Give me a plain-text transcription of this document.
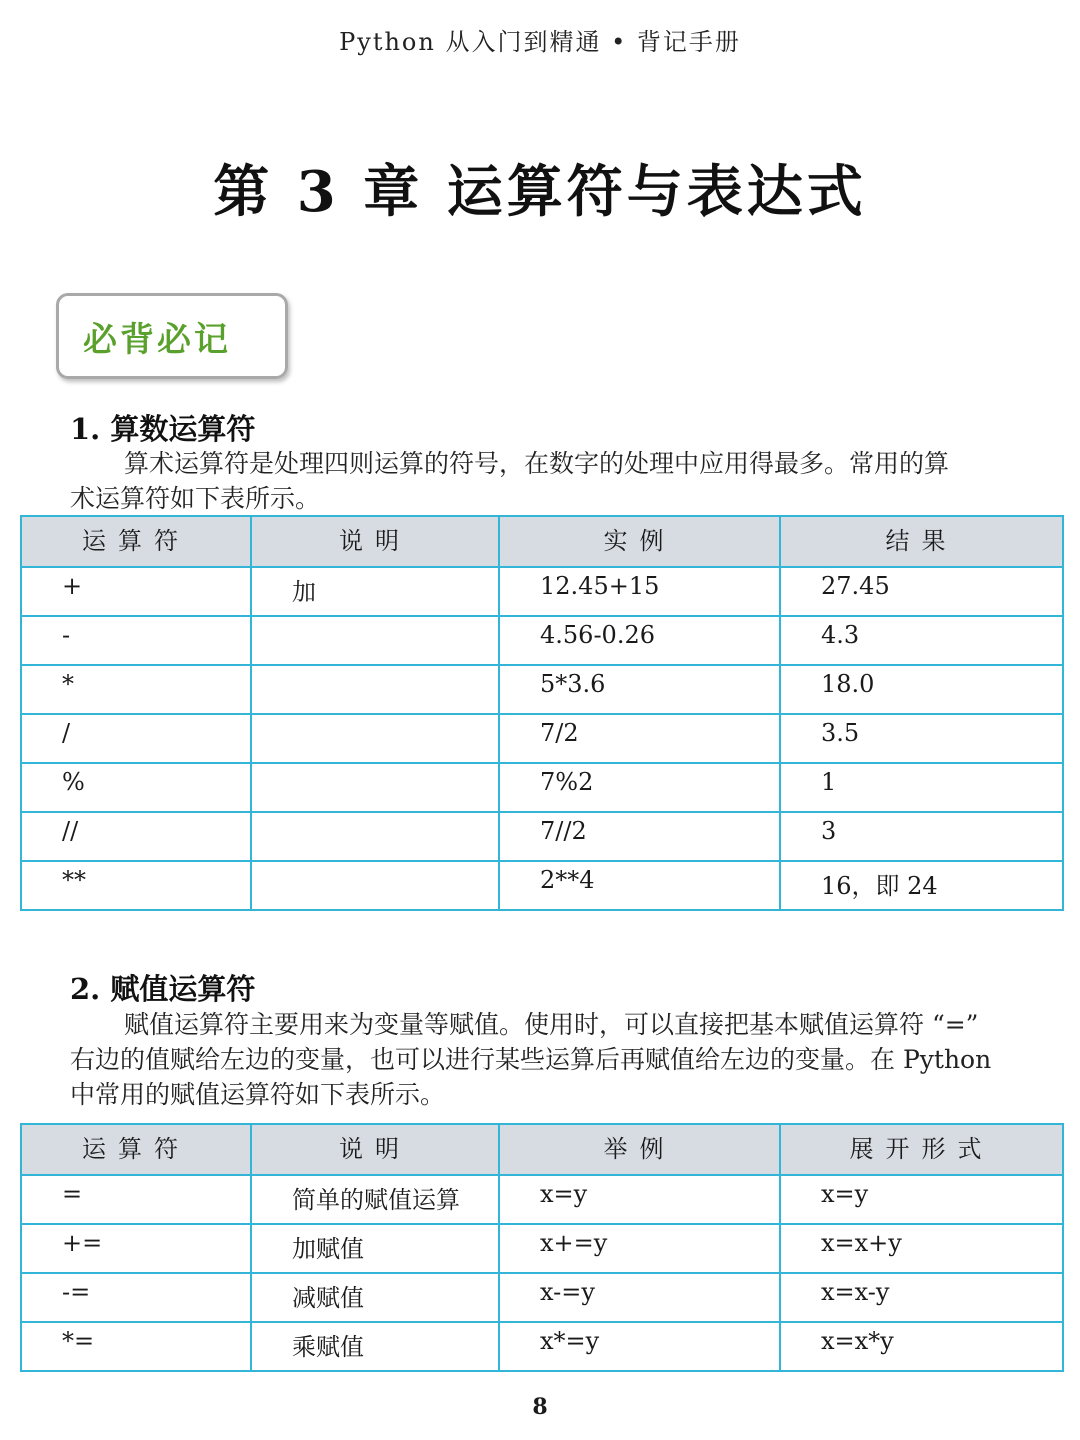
Python 从入门到精通 • 背记手册
第 3 章 运算符与表达式
必背必记
1. 算数运算符
算术运算符是处理四则运算的符号，在数字的处理中应用得最多。常用的算
术运算符如下表所示。
运算符	说明	实例	结果
+	加	12.45+15	27.45
-		4.56-0.26	4.3
*		5*3.6	18.0
/		7/2	3.5
%		7%2	1
//		7//2	3
**		2**4	16，即 24
2. 赋值运算符
赋值运算符主要用来为变量等赋值。使用时，可以直接把基本赋值运算符 “=”
右边的值赋给左边的变量，也可以进行某些运算后再赋值给左边的变量。在 Python
中常用的赋值运算符如下表所示。
运算符	说明	举例	展开形式
=	简单的赋值运算	x=y	x=y
+=	加赋值	x+=y	x=x+y
-=	减赋值	x-=y	x=x-y
*=	乘赋值	x*=y	x=x*y
8
